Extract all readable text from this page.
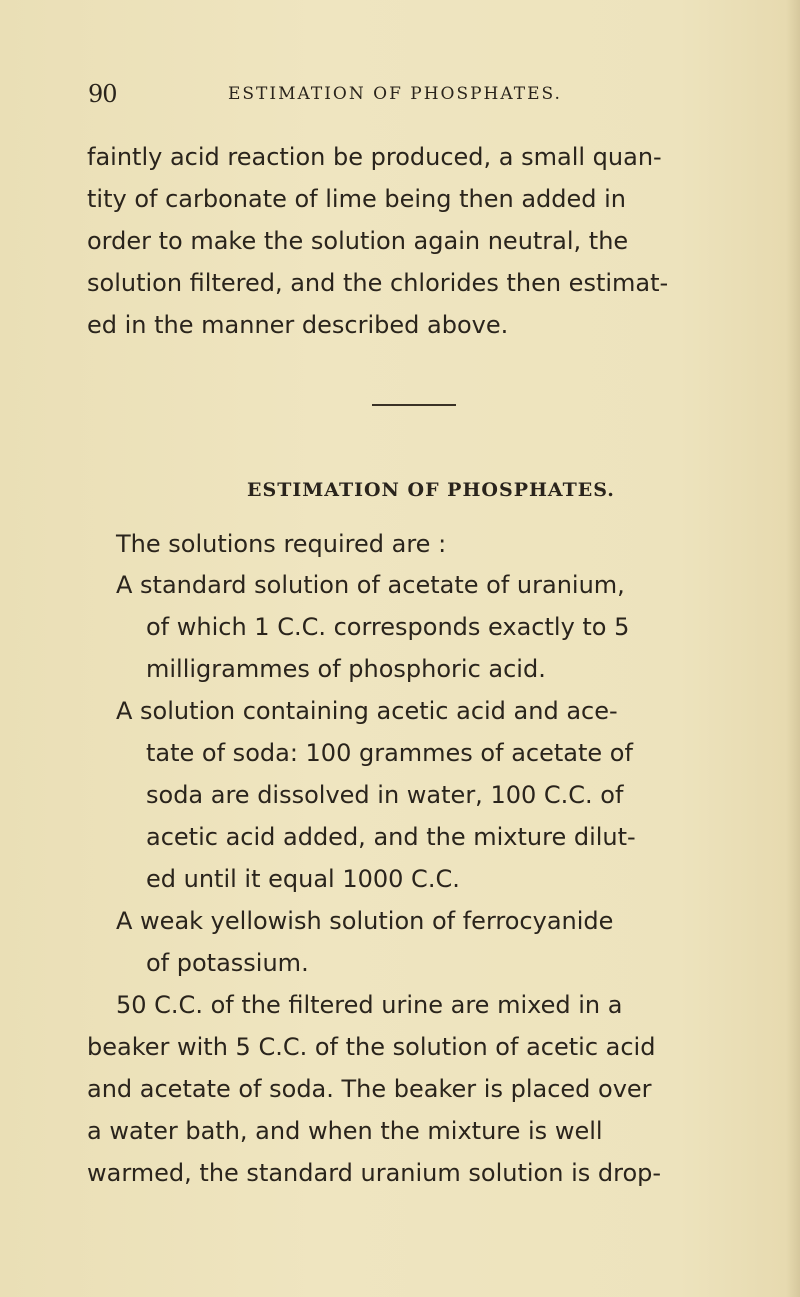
90	ESTIMATION OF PHOSPHATES.
faintly acid reaction be produced, a small quan-
tity of carbonate of lime being then added in
order to make the solution again neutral, the
solution filtered, and the chlorides then estimat-
ed in the manner described above.
The solutions required are :
A standard solution of acetate of uranium,
of which 1 C.C. corresponds exactly to 5
milligrammes of phosphoric acid.
A solution containing acetic acid and ace-
tate of soda: 100 grammes of acetate of
soda are dissolved in water, 100 C.C. of
acetic acid added, and the mixture dilut-
ed until it equal 1000 C.C.
A weak yellowish solution of ferrocyanide
of potassium.
50 C.C. of the filtered urine are mixed in a
beaker with 5 C.C. of the solution of acetic acid
and acetate of soda. The beaker is placed over
a water bath, and when the mixture is well
warmed, the standard uranium solution is drop-
ESTIMATION OF PHOSPHATES.
